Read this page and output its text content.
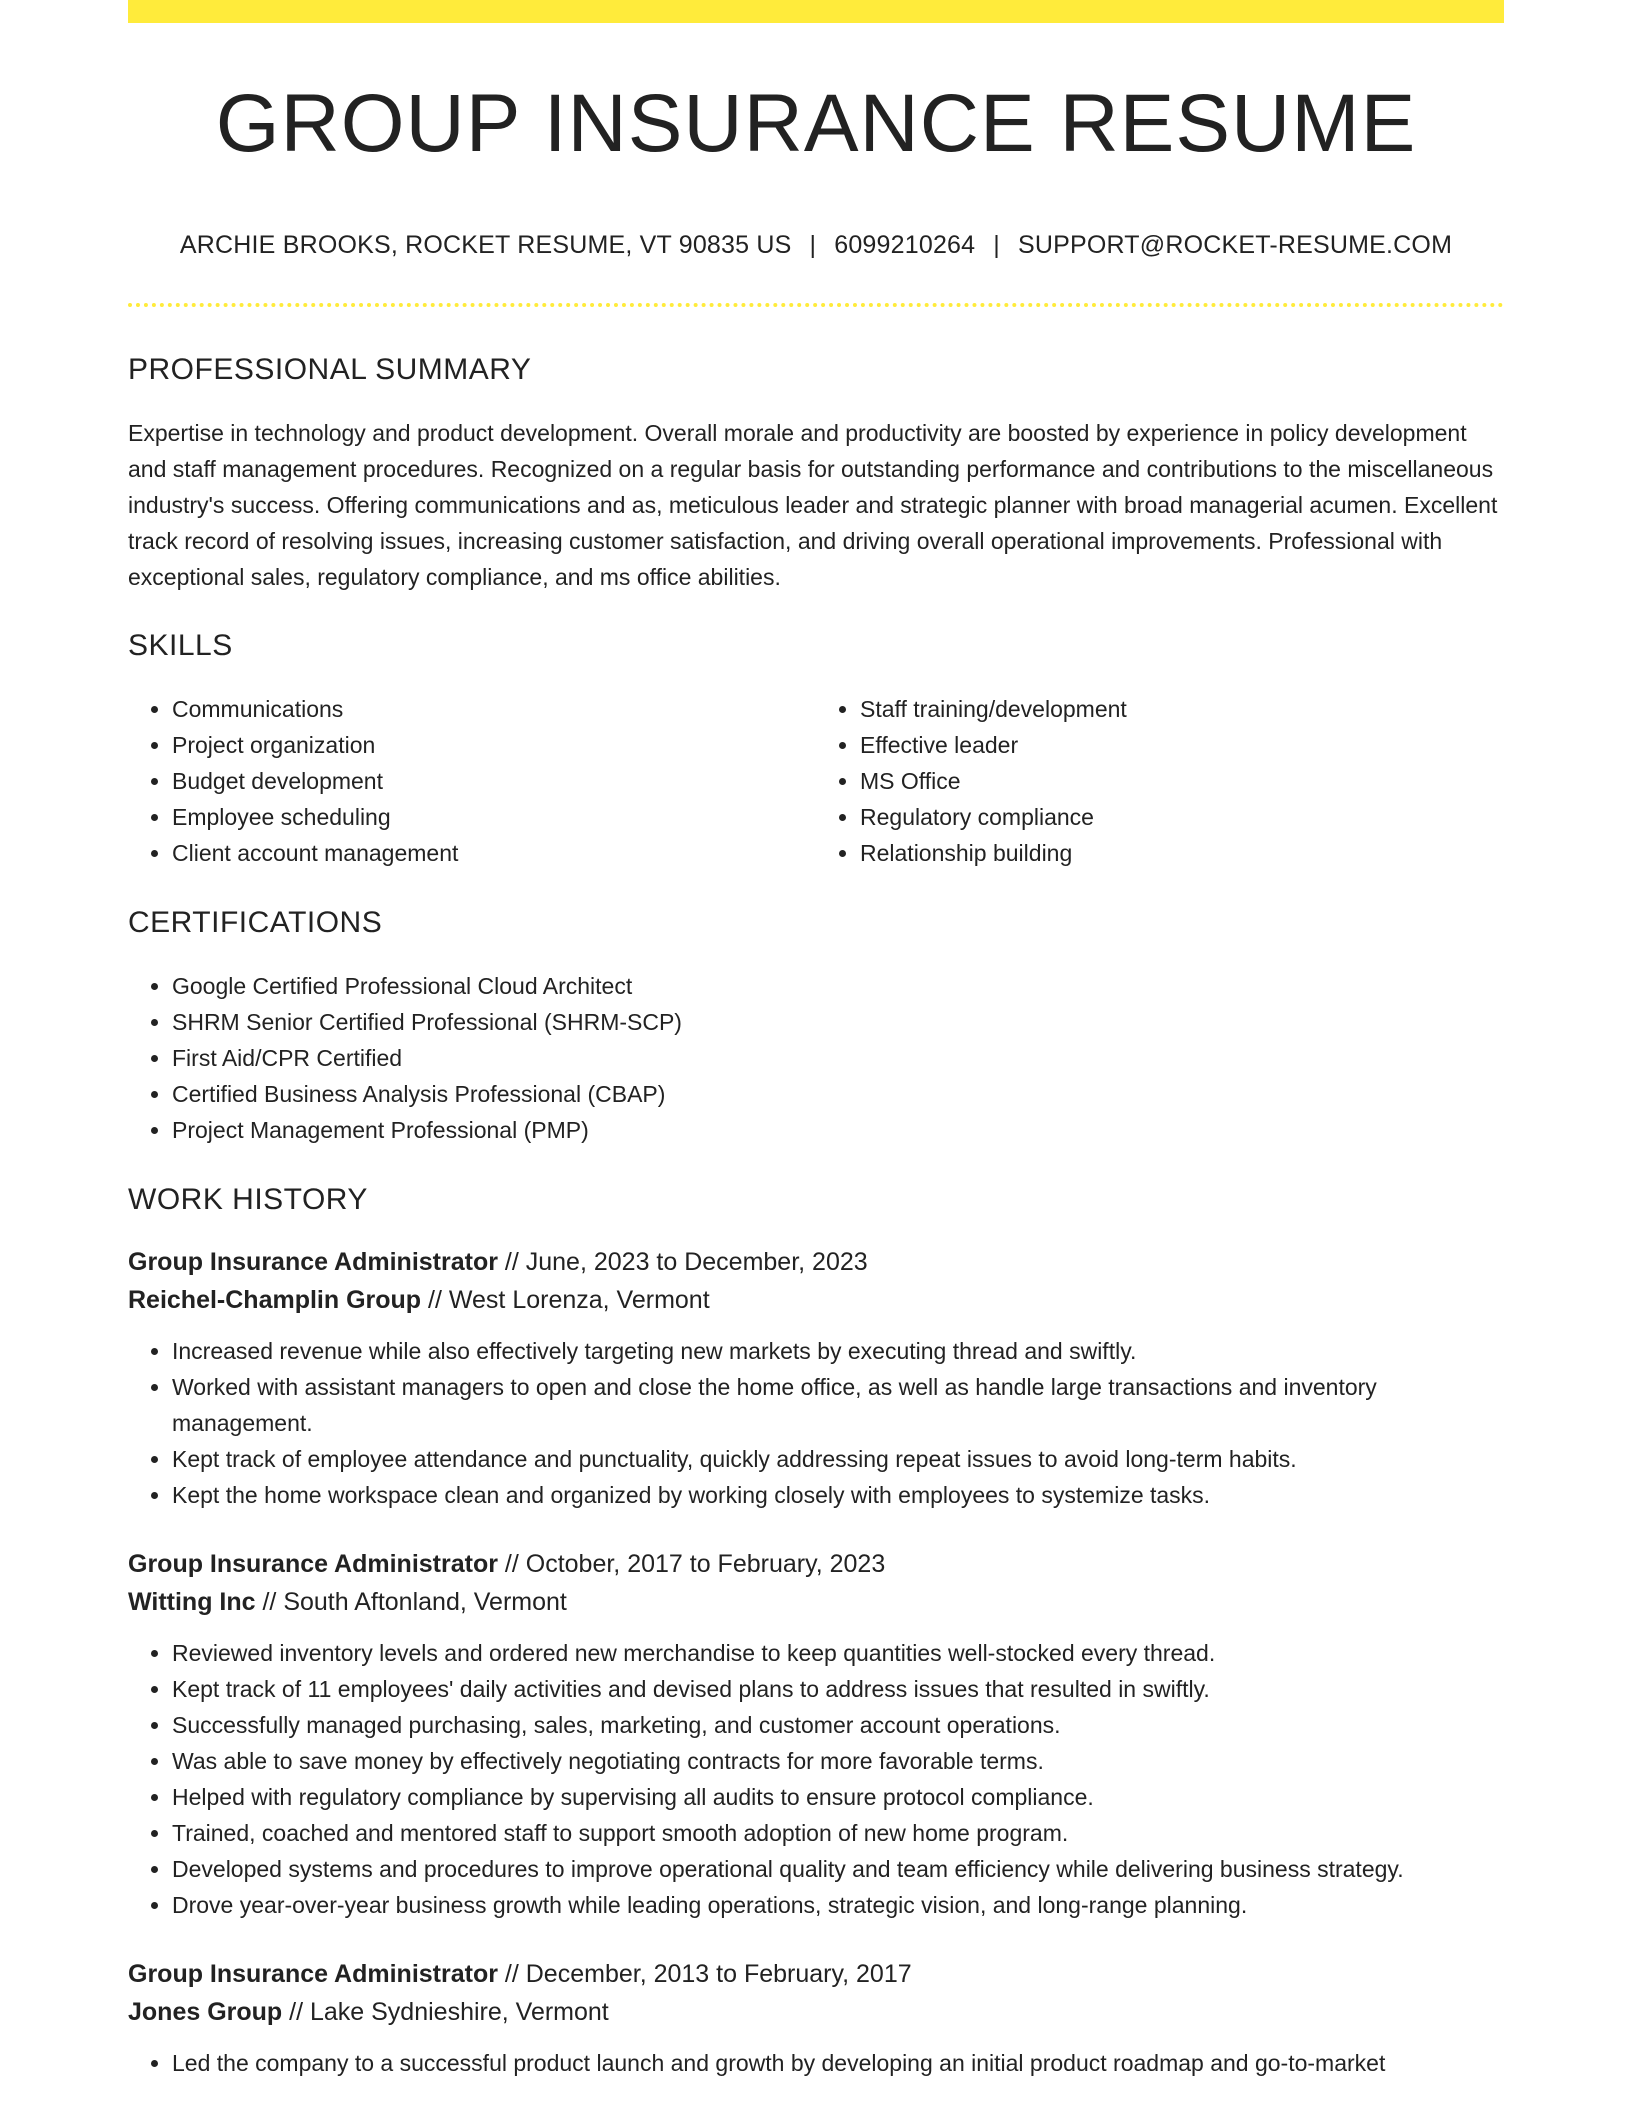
GROUP INSURANCE RESUME
ARCHIE BROOKS, ROCKET RESUME, VT 90835 US | 6099210264 | SUPPORT@ROCKET-RESUME.COM
PROFESSIONAL SUMMARY

Expertise in technology and product development. Overall morale and productivity are boosted by experience in policy development and staff management procedures. Recognized on a regular basis for outstanding performance and contributions to the miscellaneous industry's success. Offering communications and as, meticulous leader and strategic planner with broad managerial acumen. Excellent track record of resolving issues, increasing customer satisfaction, and driving overall operational improvements. Professional with exceptional sales, regulatory compliance, and ms office abilities.

SKILLS
• Communications
• Project organization
• Budget development
• Employee scheduling
• Client account management
• Staff training/development
• Effective leader
• MS Office
• Regulatory compliance
• Relationship building
CERTIFICATIONS
• Google Certified Professional Cloud Architect
• SHRM Senior Certified Professional (SHRM-SCP)
• First Aid/CPR Certified
• Certified Business Analysis Professional (CBAP)
• Project Management Professional (PMP)
WORK HISTORY
Group Insurance Administrator // June, 2023 to December, 2023
Reichel-Champlin Group // West Lorenza, Vermont
• Increased revenue while also effectively targeting new markets by executing thread and swiftly.
• Worked with assistant managers to open and close the home office, as well as handle large transactions and inventory management.
• Kept track of employee attendance and punctuality, quickly addressing repeat issues to avoid long-term habits.
• Kept the home workspace clean and organized by working closely with employees to systemize tasks.
Group Insurance Administrator // October, 2017 to February, 2023
Witting Inc // South Aftonland, Vermont
• Reviewed inventory levels and ordered new merchandise to keep quantities well-stocked every thread.
• Kept track of 11 employees' daily activities and devised plans to address issues that resulted in swiftly.
• Successfully managed purchasing, sales, marketing, and customer account operations.
• Was able to save money by effectively negotiating contracts for more favorable terms.
• Helped with regulatory compliance by supervising all audits to ensure protocol compliance.
• Trained, coached and mentored staff to support smooth adoption of new home program.
• Developed systems and procedures to improve operational quality and team efficiency while delivering business strategy.
• Drove year-over-year business growth while leading operations, strategic vision, and long-range planning.
Group Insurance Administrator // December, 2013 to February, 2017
Jones Group // Lake Sydnieshire, Vermont
• Led the company to a successful product launch and growth by developing an initial product roadmap and go-to-market
